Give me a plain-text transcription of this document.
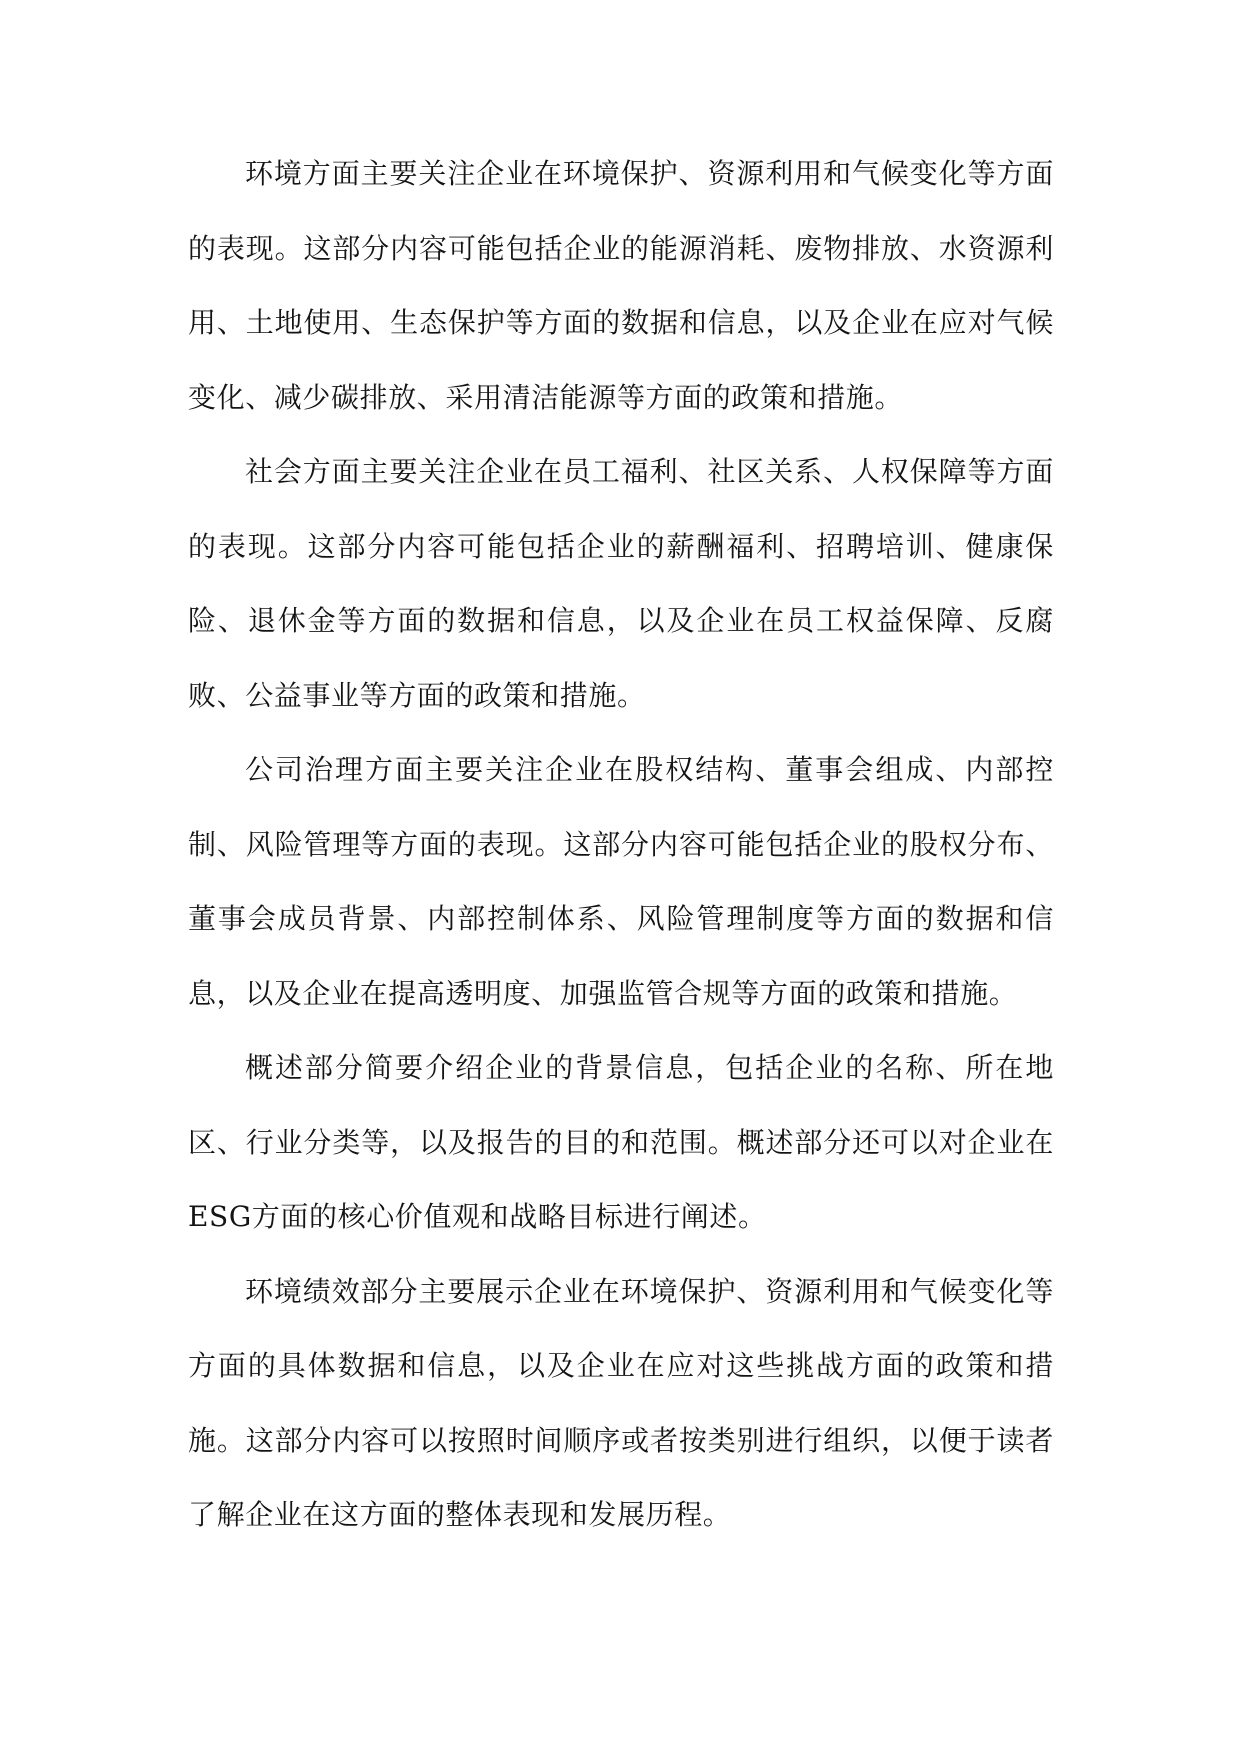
环境方面主要关注企业在环境保护、资源利用和气候变化等方面的表现。这部分内容可能包括企业的能源消耗、废物排放、水资源利用、土地使用、生态保护等方面的数据和信息，以及企业在应对气候变化、减少碳排放、采用清洁能源等方面的政策和措施。

社会方面主要关注企业在员工福利、社区关系、人权保障等方面的表现。这部分内容可能包括企业的薪酬福利、招聘培训、健康保险、退休金等方面的数据和信息，以及企业在员工权益保障、反腐败、公益事业等方面的政策和措施。

公司治理方面主要关注企业在股权结构、董事会组成、内部控制、风险管理等方面的表现。这部分内容可能包括企业的股权分布、董事会成员背景、内部控制体系、风险管理制度等方面的数据和信息，以及企业在提高透明度、加强监管合规等方面的政策和措施。

概述部分简要介绍企业的背景信息，包括企业的名称、所在地区、行业分类等，以及报告的目的和范围。概述部分还可以对企业在ESG方面的核心价值观和战略目标进行阐述。

环境绩效部分主要展示企业在环境保护、资源利用和气候变化等方面的具体数据和信息，以及企业在应对这些挑战方面的政策和措施。这部分内容可以按照时间顺序或者按类别进行组织，以便于读者了解企业在这方面的整体表现和发展历程。
